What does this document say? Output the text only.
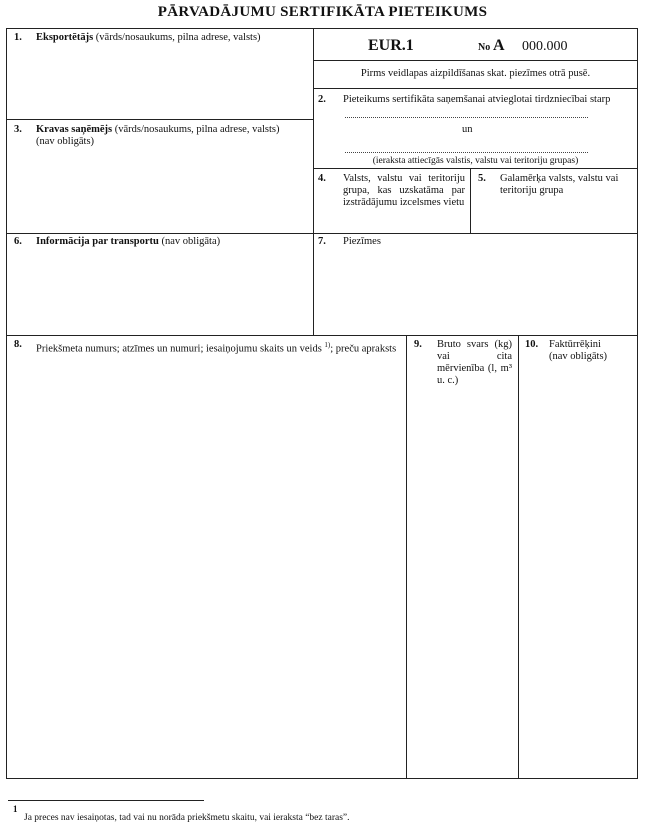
PĀRVADĀJUMU SERTIFIKĀTA PIETEIKUMS
1. Eksportētājs (vārds/nosaukums, pilna adrese, valsts)	EUR.1	No A 000.000
Pirms veidlapas aizpildīšanas skat. piezīmes otrā pusē.
2. Pieteikums sertifikāta saņemšanai atvieglotai tirdzniecībai starp
un
(ieraksta attiecīgās valstis, valstu vai teritoriju grupas)
3. Kravas saņēmējs (vārds/nosaukums, pilna adrese, valsts)
(nav obligāts)
4. Valsts, valstu vai teritoriju grupa, kas uzskatāma par izstrādājumu izcelsmes vietu
5. Galamērķa valsts, valstu vai teritoriju grupa
6. Informācija par transportu (nav obligāta)	7. Piezīmes
8. Priekšmeta numurs; atzīmes un numuri; iesaiņojumu skaits un veids $^{1)}$; preču apraksts	9. Bruto svars (kg) vai cita mērvienība (l, m³ u. c.)
10. Faktūrrēķini
(nav obligāts)
1
Ja preces nav iesaiņotas, tad vai nu norāda priekšmetu skaitu, vai ieraksta “bez taras”.
